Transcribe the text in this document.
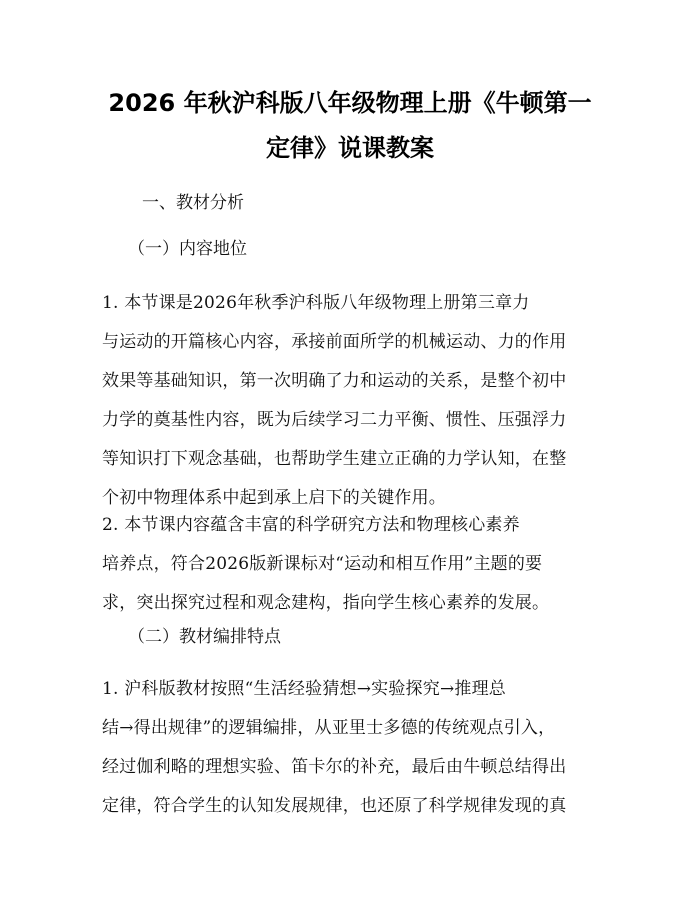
2026 年秋沪科版八年级物理上册《牛顿第一
定律》说课教案
一、教材分析
（一）内容地位
1. 本节课是2026年秋季沪科版八年级物理上册第三章力
与运动的开篇核心内容，承接前面所学的机械运动、力的作用
效果等基础知识，第一次明确了力和运动的关系，是整个初中
力学的奠基性内容，既为后续学习二力平衡、惯性、压强浮力
等知识打下观念基础，也帮助学生建立正确的力学认知，在整
个初中物理体系中起到承上启下的关键作用。
2. 本节课内容蕴含丰富的科学研究方法和物理核心素养
培养点，符合2026版新课标对“运动和相互作用”主题的要
求，突出探究过程和观念建构，指向学生核心素养的发展。
（二）教材编排特点
1. 沪科版教材按照“生活经验猜想→实验探究→推理总
结→得出规律”的逻辑编排，从亚里士多德的传统观点引入，
经过伽利略的理想实验、笛卡尔的补充，最后由牛顿总结得出
定律，符合学生的认知发展规律，也还原了科学规律发现的真
